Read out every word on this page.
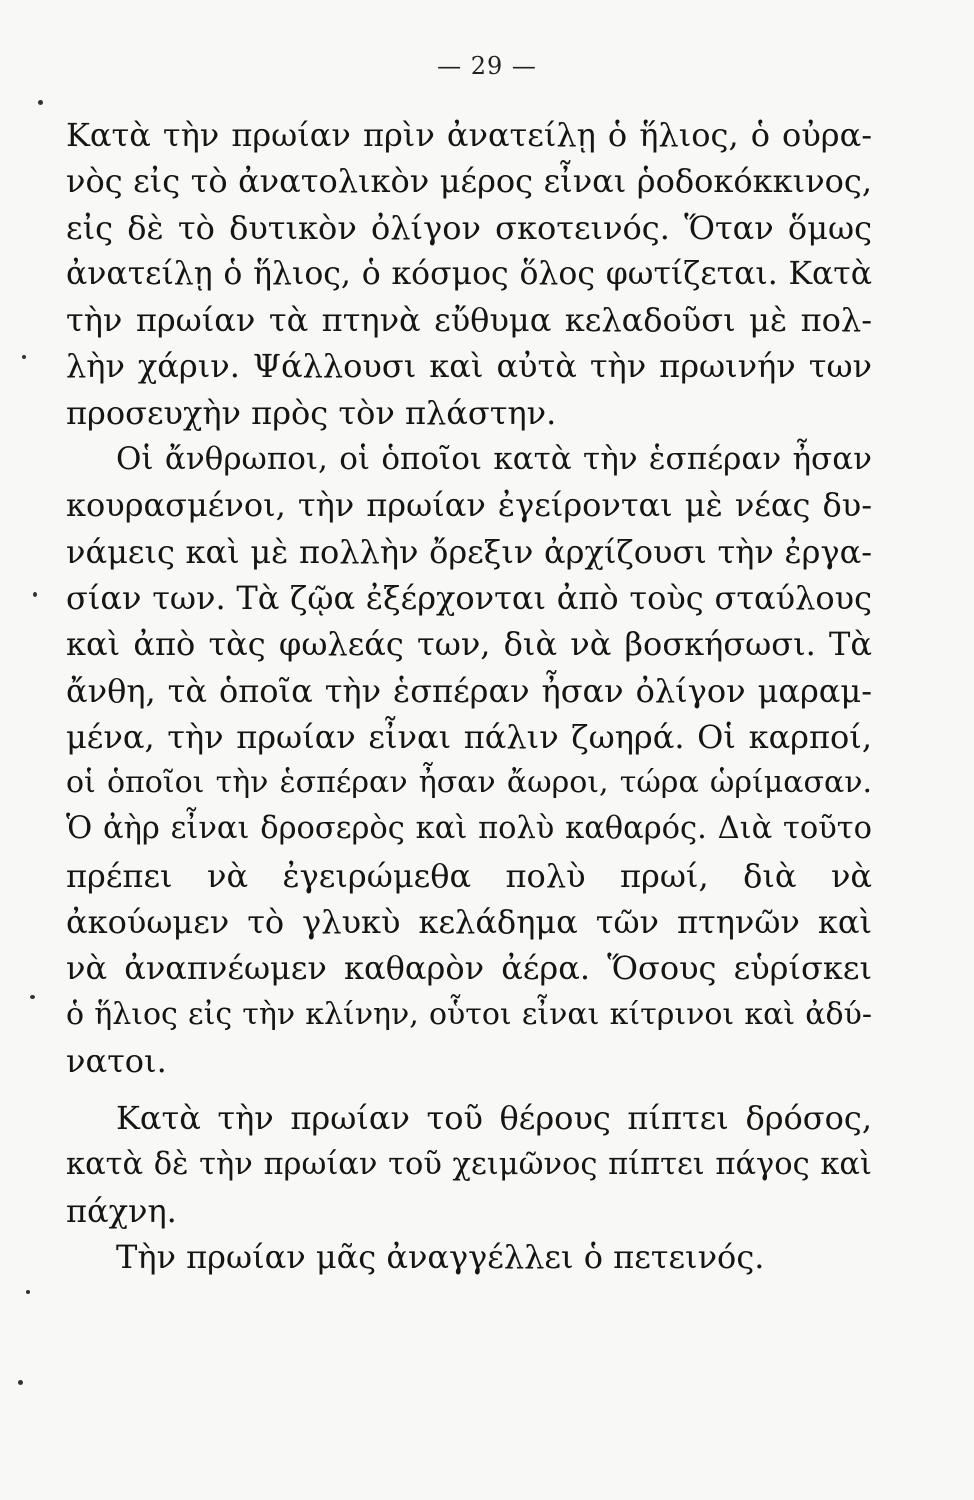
— 29 —
Κατὰ τὴν πρωίαν πρὶν ἀνατείλῃ ὁ ἥλιος, ὁ οὐρα-
νὸς εἰς τὸ ἀνατολικὸν μέρος εἶναι ῥοδοκόκκινος,
εἰς δὲ τὸ δυτικὸν ὀλίγον σκοτεινός. Ὅταν ὅμως
ἀνατείλῃ ὁ ἥλιος, ὁ κόσμος ὅλος φωτίζεται. Κατὰ
τὴν πρωίαν τὰ πτηνὰ εὔθυμα κελαδοῦσι μὲ πολ-
λὴν χάριν. Ψάλλουσι καὶ αὐτὰ τὴν πρωινήν των
προσευχὴν πρὸς τὸν πλάστην.
Οἱ ἄνθρωποι, οἱ ὁποῖοι κατὰ τὴν ἑσπέραν ἦσαν
κουρασμένοι, τὴν πρωίαν ἐγείρονται μὲ νέας δυ-
νάμεις καὶ μὲ πολλὴν ὄρεξιν ἀρχίζουσι τὴν ἐργα-
σίαν των. Τὰ ζῷα ἐξέρχονται ἀπὸ τοὺς σταύλους
καὶ ἀπὸ τὰς φωλεάς των, διὰ νὰ βοσκήσωσι. Τὰ
ἄνθη, τὰ ὁποῖα τὴν ἑσπέραν ἦσαν ὀλίγον μαραμ-
μένα, τὴν πρωίαν εἶναι πάλιν ζωηρά. Οἱ καρποί,
οἱ ὁποῖοι τὴν ἑσπέραν ἦσαν ἄωροι, τώρα ὡρίμασαν.
Ὁ ἀὴρ εἶναι δροσερὸς καὶ πολὺ καθαρός. Διὰ τοῦτο
πρέπει νὰ ἐγειρώμεθα πολὺ πρωί, διὰ νὰ
ἀκούωμεν τὸ γλυκὺ κελάδημα τῶν πτηνῶν καὶ
νὰ ἀναπνέωμεν καθαρὸν ἀέρα. Ὅσους εὑρίσκει
ὁ ἥλιος εἰς τὴν κλίνην, οὗτοι εἶναι κίτρινοι καὶ ἀδύ-
νατοι.
Κατὰ τὴν πρωίαν τοῦ θέρους πίπτει δρόσος,
κατὰ δὲ τὴν πρωίαν τοῦ χειμῶνος πίπτει πάγος καὶ
πάχνη.
Τὴν πρωίαν μᾶς ἀναγγέλλει ὁ πετεινός.
